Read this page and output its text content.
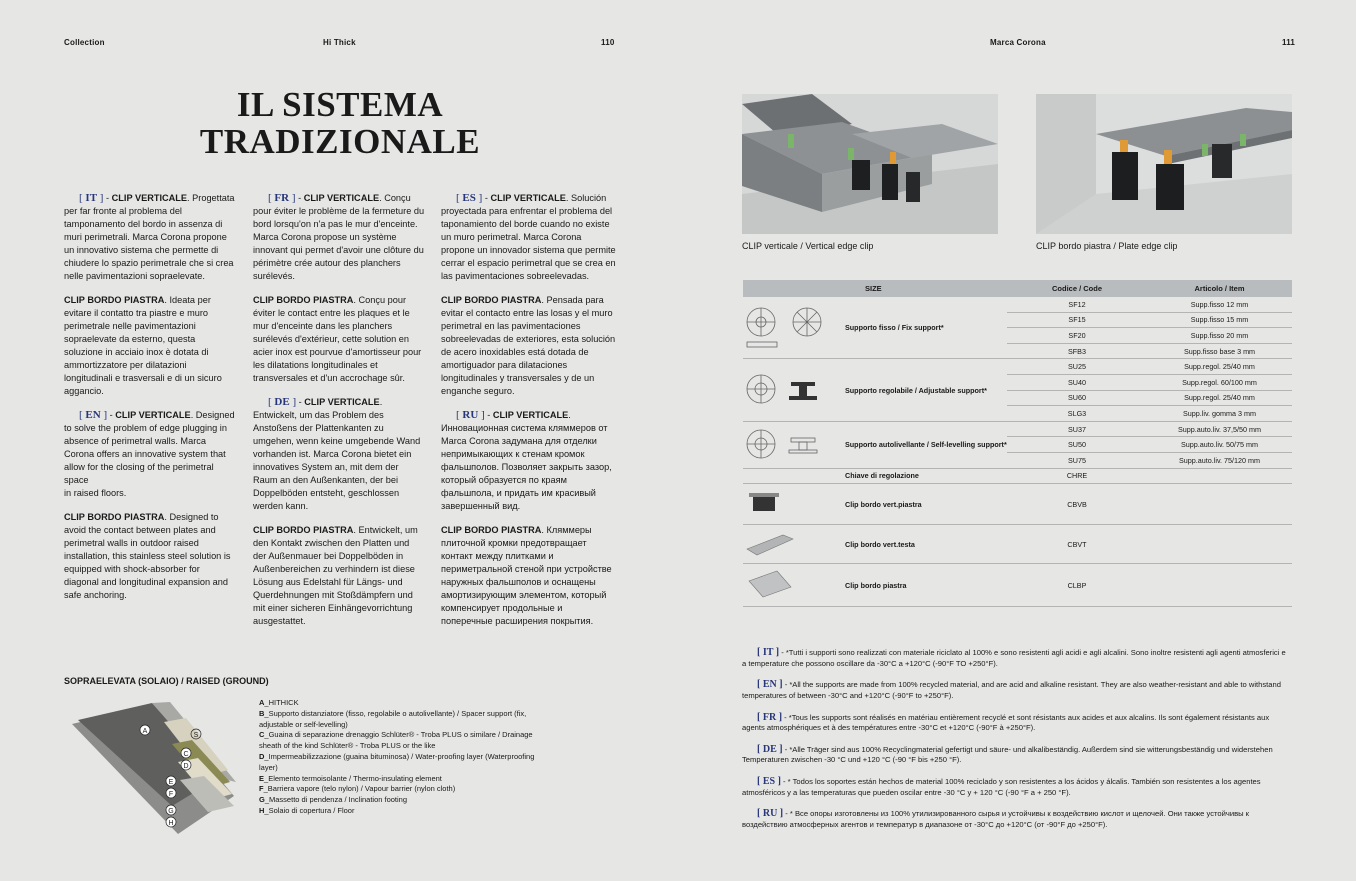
Collection	Hi Thick	110	Marca Corona	111
IL SISTEMA
TRADIZIONALE

[ IT ] - CLIP VERTICALE. Progettata per far fronte al problema del tamponamento del bordo in assenza di muri perimetrali. Marca Corona propone un innovativo sistema che permette di chiudere lo spazio perimetrale che si crea nelle pavimentazioni sopraelevate.

CLIP BORDO PIASTRA. Ideata per evitare il contatto tra piastre e muro perimetrale nelle pavimentazioni sopraelevate da esterno, questa soluzione in acciaio inox è dotata di ammortizzatore per dilatazioni longitudinali e trasversali e di un sicuro aggancio.

[ EN ] - CLIP VERTICALE. Designed to solve the problem of edge plugging in absence of perimetral walls. Marca Corona offers an innovative system that allow for the closing of the perimetral space
in raised floors.

CLIP BORDO PIASTRA. Designed to avoid the contact between plates and perimetral walls in outdoor raised installation, this stainless steel solution is equipped with shock-absorber for diagonal and longitudinal expansion and safe anchoring.

[ FR ] - CLIP VERTICALE. Conçu pour éviter le problème de la fermeture du bord lorsqu'on n'a pas le mur d'enceinte. Marca Corona propose un système innovant qui permet d'avoir une clôture du périmètre crée autour des planchers surélevés.

CLIP BORDO PIASTRA. Conçu pour éviter le contact entre les plaques et le mur d'enceinte dans les planchers surélevés d'extérieur, cette solution en acier inox est pourvue d'amortisseur pour les dilatations longitudinales et transversales et d'un accrochage sûr.

[ DE ] - CLIP VERTICALE. Entwickelt, um das Problem des Anstoßens der Plattenkanten zu umgehen, wenn keine umgebende Wand vorhanden ist. Marca Corona bietet ein innovatives System an, mit dem der Raum an den Außenkanten, der bei Doppelböden entsteht, geschlossen werden kann.

CLIP BORDO PIASTRA. Entwickelt, um den Kontakt zwischen den Platten und der Außenmauer bei Doppelböden in Außenbereichen zu verhindern ist diese Lösung aus Edelstahl für Längs- und Querdehnungen mit Stoßdämpfern und mit einer sicheren Einhängevorrichtung ausgestattet.

[ ES ] - CLIP VERTICALE. Solución proyectada para enfrentar el problema del taponamiento del borde cuando no existe un muro perimetral. Marca Corona propone un innovador sistema que permite cerrar el espacio perimetral que se crea en las pavimentaciones sobreelevadas.

CLIP BORDO PIASTRA. Pensada para evitar el contacto entre las losas y el muro perimetral en las pavimentaciones sobreelevadas de exteriores, esta solución de acero inoxidables está dotada de amortiguador para dilataciones longitudinales y transversales y de un enganche seguro.

[ RU ] - CLIP VERTICALE. Инновационная система кляммеров от Marca Corona задумана для отделки непримыкающих к стенам кромок фальшполов. Позволяет закрыть зазор, который образуется по краям фальшпола, и придать им красивый завершенный вид.

CLIP BORDO PIASTRA. Кляммеры плиточной кромки предотвращает контакт между плитками и периметральной стеной при устройстве наружных фальшполов и оснащены амортизирующим элементом, который компенсирует продольные и поперечные расширения покрытия.

SOPRAELEVATA (SOLAIO) / RAISED (GROUND)
A
S
C
D
E
F
G
H
A_HITHICK
B_Supporto distanziatore (fisso, regolabile o autolivellante) / Spacer support (fix, adjustable or self-levelling)
C_Guaina di separazione drenaggio Schlüter® - Troba PLUS o similare / Drainage sheath of the kind Schlüter® - Troba PLUS or the like
D_Impermeabilizzazione (guaina bituminosa) / Water-proofing layer (Waterproofing layer)
E_Elemento termoisolante / Thermo-insulating element
F_Barriera vapore (telo nylon) / Vapour barrier (nylon cloth)
G_Massetto di pendenza / Inclination footing
H_Solaio di copertura / Floor
CLIP verticale / Vertical edge clip	CLIP bordo piastra / Plate edge clip
	SIZE	Codice / Code	Articolo / Item
	Supporto fisso / Fix support*	SF12	Supp.fisso 12 mm
		SF15	Supp.fisso 15 mm
		SF20	Supp.fisso 20 mm
		SFB3	Supp.fisso base 3 mm
	Supporto regolabile / Adjustable support*	SU25	Supp.regol. 25/40 mm
		SU40	Supp.regol. 60/100 mm
		SU60	Supp.regol. 25/40 mm
		SLG3	Supp.liv. gomma 3 mm
	Supporto autolivellante / Self-levelling support*	SU37	Supp.auto.liv. 37,5/50 mm
		SU50	Supp.auto.liv. 50/75 mm
		SU75	Supp.auto.liv. 75/120 mm
	Chiave di regolazione	CHRE	
	Clip bordo vert.piastra	CBVB	
	Clip bordo vert.testa	CBVT	
	Clip bordo piastra	CLBP	

[ IT ] - *Tutti i supporti sono realizzati con materiale riciclato al 100% e sono resistenti agli acidi e agli alcalini. Sono inoltre resistenti agli agenti atmosferici e a temperature che possono oscillare da -30°C a +120°C (-90°F TO +250°F).

[ EN ] - *All the supports are made from 100% recycled material, and are acid and alkaline resistant. They are also weather-resistant and able to withstand temperatures of between -30°C and +120°C (-90°F to +250°F).

[ FR ] - *Tous les supports sont réalisés en matériau entièrement recyclé et sont résistants aux acides et aux alcalins. Ils sont également résistants aux agents atmosphériques et à des températures entre -30°C et +120°C (-90°F à +250°F).

[ DE ] - *Alle Träger sind aus 100% Recyclingmaterial gefertigt und säure- und alkalibeständig. Außerdem sind sie witterungsbeständig und widerstehen Temperaturen zwischen -30 °C und +120 °C (-90 °F bis +250 °F).

[ ES ] - * Todos los soportes están hechos de material 100% reciclado y son resistentes a los ácidos y álcalis. También son resistentes a los agentes atmosféricos y a las temperaturas que pueden oscilar entre -30 °C y + 120 °C (-90 °F a + 250 °F).

[ RU ] - * Все опоры изготовлены из 100% утилизированного сырья и устойчивы к воздействию кислот и щелочей. Они также устойчивы к воздействию атмосферных агентов и температур в диапазоне от -30°C до +120°C (от -90°F до +250°F).
